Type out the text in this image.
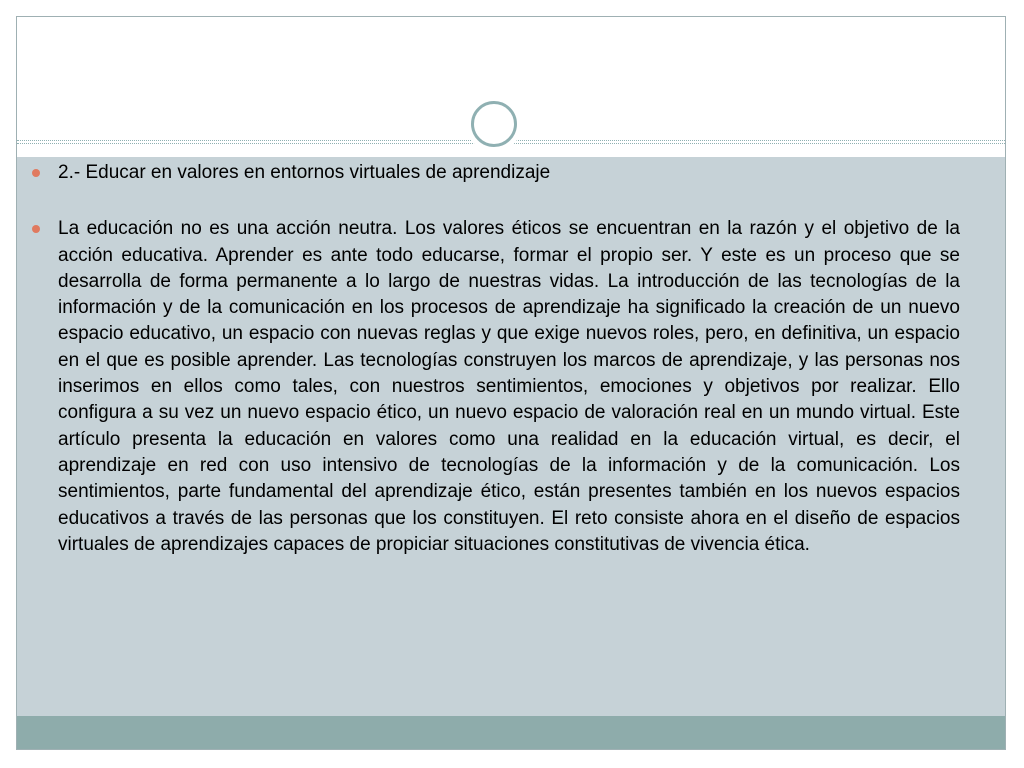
2.- Educar en valores en entornos virtuales de aprendizaje
La educación no es una acción neutra. Los valores éticos se encuentran en la razón y el objetivo de la acción educativa. Aprender es ante todo educarse, formar el propio ser. Y este es un proceso que se desarrolla de forma permanente a lo largo de nuestras vidas. La introducción de las tecnologías de la información y de la comunicación en los procesos de aprendizaje ha significado la creación de un nuevo espacio educativo, un espacio con nuevas reglas y que exige nuevos roles, pero, en definitiva, un espacio en el que es posible aprender. Las tecnologías construyen los marcos de aprendizaje, y las personas nos inserimos en ellos como tales, con nuestros sentimientos, emociones y objetivos por realizar. Ello configura a su vez un nuevo espacio ético, un nuevo espacio de valoración real en un mundo virtual. Este artículo presenta la educación en valores como una realidad en la educación virtual, es decir, el aprendizaje en red con uso intensivo de tecnologías de la información y de la comunicación. Los sentimientos, parte fundamental del aprendizaje ético, están presentes también en los nuevos espacios educativos a través de las personas que los constituyen. El reto consiste ahora en el diseño de espacios virtuales de aprendizajes capaces de propiciar situaciones constitutivas de vivencia ética.
